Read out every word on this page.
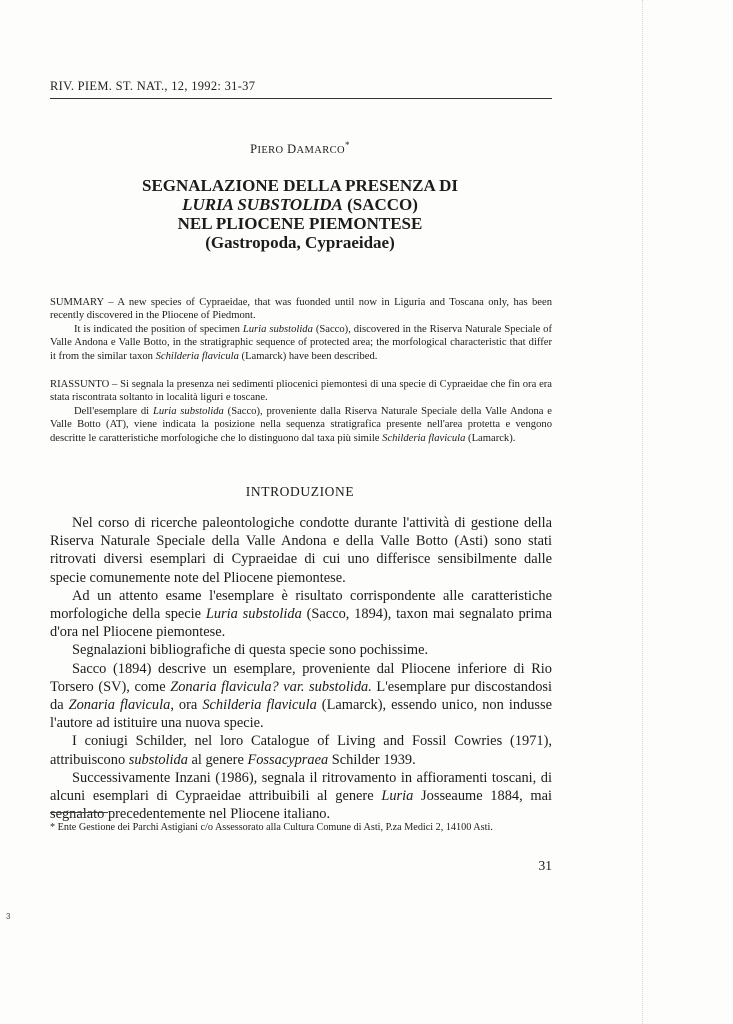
RIV. PIEM. ST. NAT., 12, 1992: 31-37
PIERO DAMARCO*
SEGNALAZIONE DELLA PRESENZA DI
LURIA SUBSTOLIDA (SACCO)
NEL PLIOCENE PIEMONTESE
(Gastropoda, Cypraeidae)

SUMMARY – A new species of Cypraeidae, that was fuonded until now in Liguria and Toscana only, has been recently discovered in the Pliocene of Piedmont.

It is indicated the position of specimen Luria substolida (Sacco), discovered in the Riserva Naturale Speciale of Valle Andona e Valle Botto, in the stratigraphic sequence of protected area; the morfological characteristic that differ it from the similar taxon Schilderia flavicula (Lamarck) have been described.

RIASSUNTO – Si segnala la presenza nei sedimenti pliocenici piemontesi di una specie di Cypraeidae che fin ora era stata riscontrata soltanto in località liguri e toscane.

Dell'esemplare di Luria substolida (Sacco), proveniente dalla Riserva Naturale Speciale della Valle Andona e Valle Botto (AT), viene indicata la posizione nella sequenza stratigrafica presente nell'area protetta e vengono descritte le caratteristiche morfologiche che lo distinguono dal taxa più simile Schilderia flavicula (Lamarck).

INTRODUZIONE

Nel corso di ricerche paleontologiche condotte durante l'attività di gestione della Riserva Naturale Speciale della Valle Andona e della Valle Botto (Asti) sono stati ritrovati diversi esemplari di Cypraeidae di cui uno differisce sensibilmente dalle specie comunemente note del Pliocene piemontese.

Ad un attento esame l'esemplare è risultato corrispondente alle caratteristiche morfologiche della specie Luria substolida (Sacco, 1894), taxon mai segnalato prima d'ora nel Pliocene piemontese.

Segnalazioni bibliografiche di questa specie sono pochissime.

Sacco (1894) descrive un esemplare, proveniente dal Pliocene inferiore di Rio Torsero (SV), come Zonaria flavicula? var. substolida. L'esemplare pur discostandosi da Zonaria flavicula, ora Schilderia flavicula (Lamarck), essendo unico, non indusse l'autore ad istituire una nuova specie.

I coniugi Schilder, nel loro Catalogue of Living and Fossil Cowries (1971), attribuiscono substolida al genere Fossacypraea Schilder 1939.

Successivamente Inzani (1986), segnala il ritrovamento in affioramenti toscani, di alcuni esemplari di Cypraeidae attribuibili al genere Luria Josseaume 1884, mai segnalato precedentemente nel Pliocene italiano.

* Ente Gestione dei Parchi Astigiani c/o Assessorato alla Cultura Comune di Asti, P.za Medici 2, 14100 Asti.
31
3
